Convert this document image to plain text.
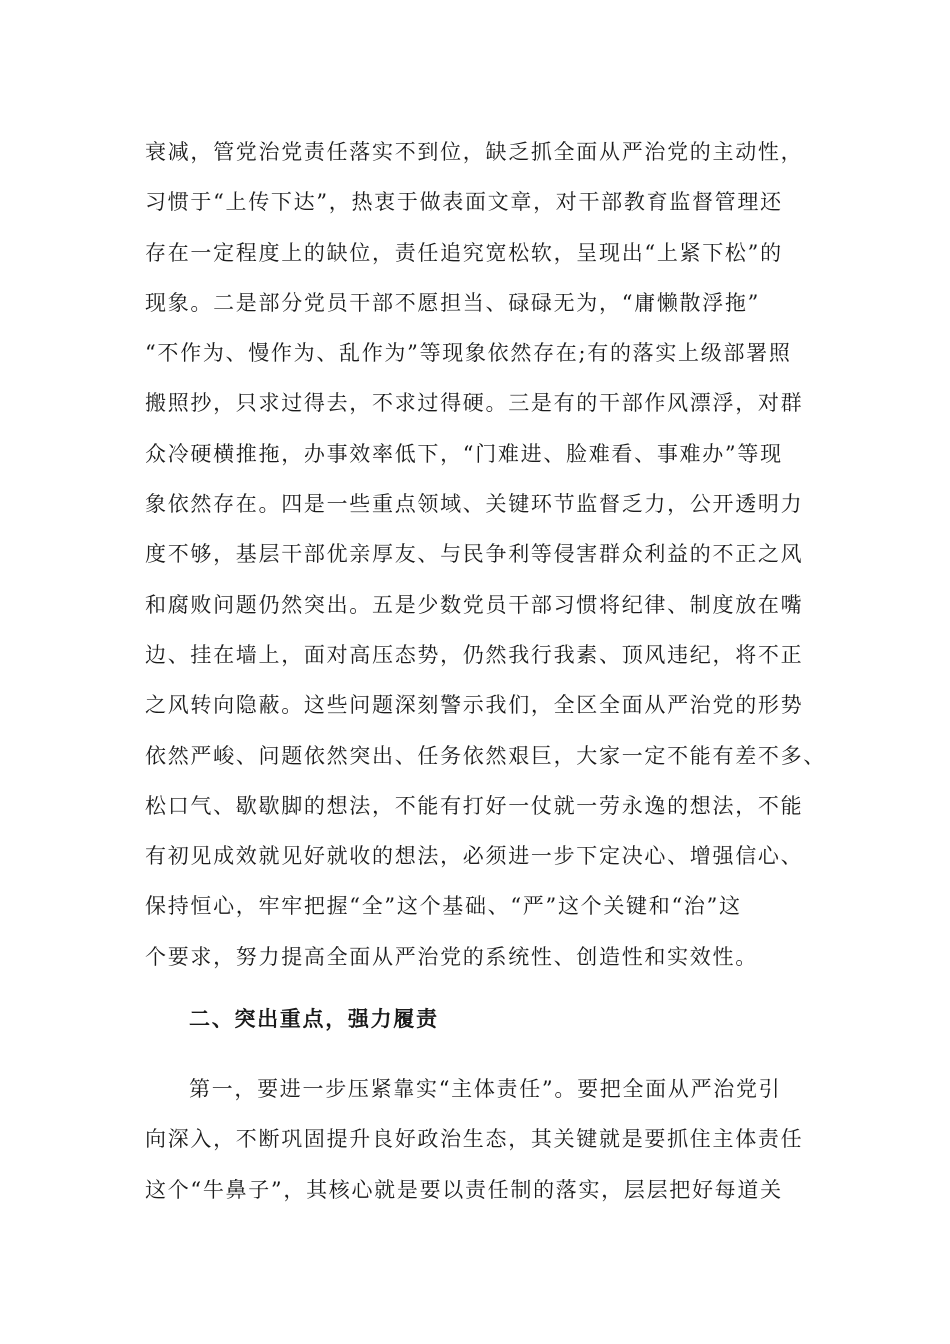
衰减，管党治党责任落实不到位，缺乏抓全面从严治党的主动性，
习惯于“上传下达”，热衷于做表面文章，对干部教育监督管理还
存在一定程度上的缺位，责任追究宽松软，呈现出“上紧下松”的
现象。二是部分党员干部不愿担当、碌碌无为，“庸懒散浮拖”
“不作为、慢作为、乱作为”等现象依然存在;有的落实上级部署照
搬照抄，只求过得去，不求过得硬。三是有的干部作风漂浮，对群
众冷硬横推拖，办事效率低下，“门难进、脸难看、事难办”等现
象依然存在。四是一些重点领域、关键环节监督乏力，公开透明力
度不够，基层干部优亲厚友、与民争利等侵害群众利益的不正之风
和腐败问题仍然突出。五是少数党员干部习惯将纪律、制度放在嘴
边、挂在墙上，面对高压态势，仍然我行我素、顶风违纪，将不正
之风转向隐蔽。这些问题深刻警示我们，全区全面从严治党的形势
依然严峻、问题依然突出、任务依然艰巨，大家一定不能有差不多、
松口气、歇歇脚的想法，不能有打好一仗就一劳永逸的想法，不能
有初见成效就见好就收的想法，必须进一步下定决心、增强信心、
保持恒心，牢牢把握“全”这个基础、“严”这个关键和“治”这
个要求，努力提高全面从严治党的系统性、创造性和实效性。
二、突出重点，强力履责
第一，要进一步压紧靠实“主体责任”。要把全面从严治党引
向深入，不断巩固提升良好政治生态，其关键就是要抓住主体责任
这个“牛鼻子”，其核心就是要以责任制的落实，层层把好每道关
